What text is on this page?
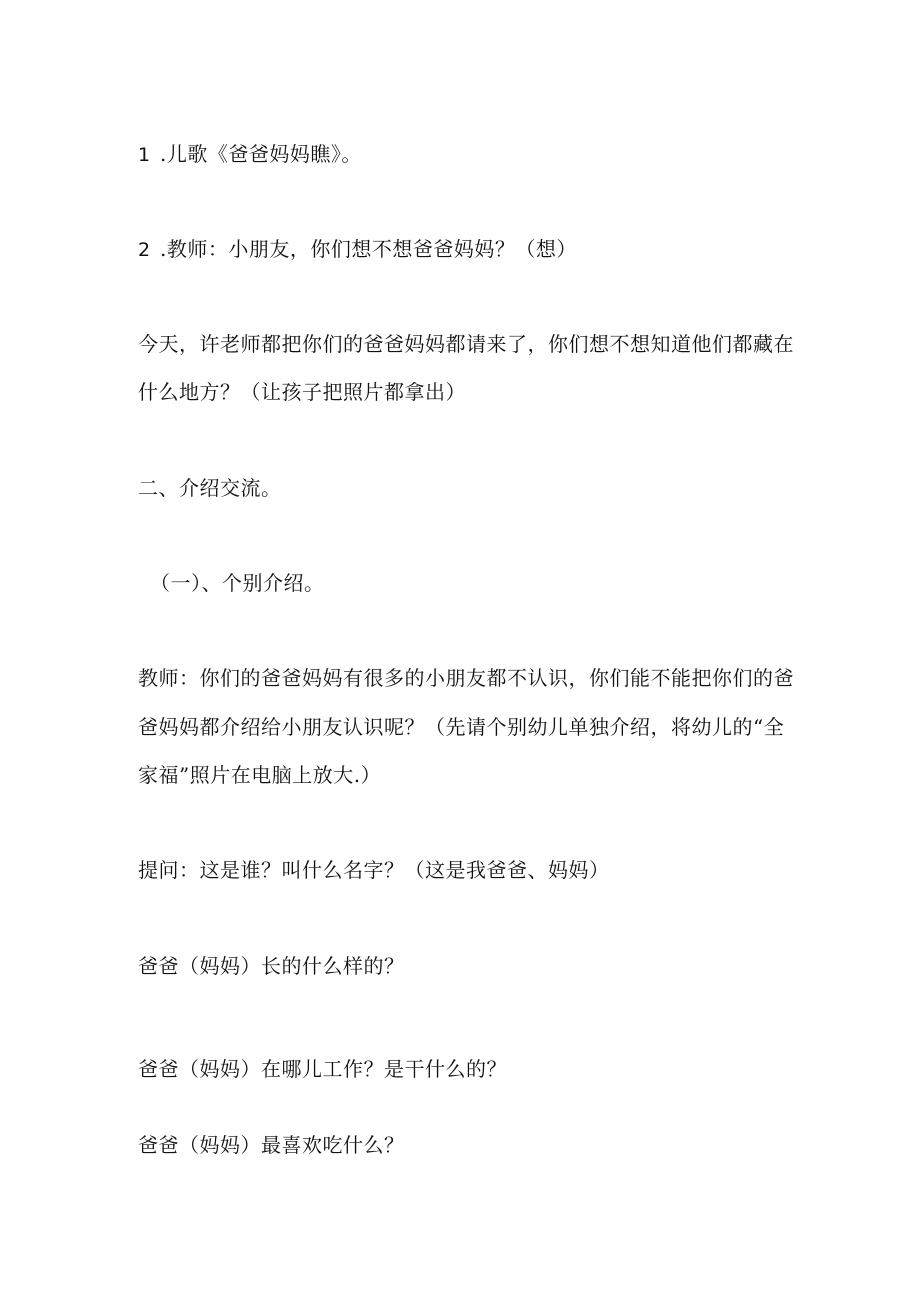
1 .儿歌《爸爸妈妈瞧》。
2 .教师：小朋友，你们想不想爸爸妈妈？（想）
今天，许老师都把你们的爸爸妈妈都请来了，你们想不想知道他们都藏在
什么地方？（让孩子把照片都拿出）
二、介绍交流。
（一）、个别介绍。
教师：你们的爸爸妈妈有很多的小朋友都不认识，你们能不能把你们的爸
爸妈妈都介绍给小朋友认识呢？（先请个别幼儿单独介绍，将幼儿的“全
家福”照片在电脑上放大.）
提问：这是谁？叫什么名字？（这是我爸爸、妈妈）
爸爸（妈妈）长的什么样的？
爸爸（妈妈）在哪儿工作？是干什么的？
爸爸（妈妈）最喜欢吃什么？
